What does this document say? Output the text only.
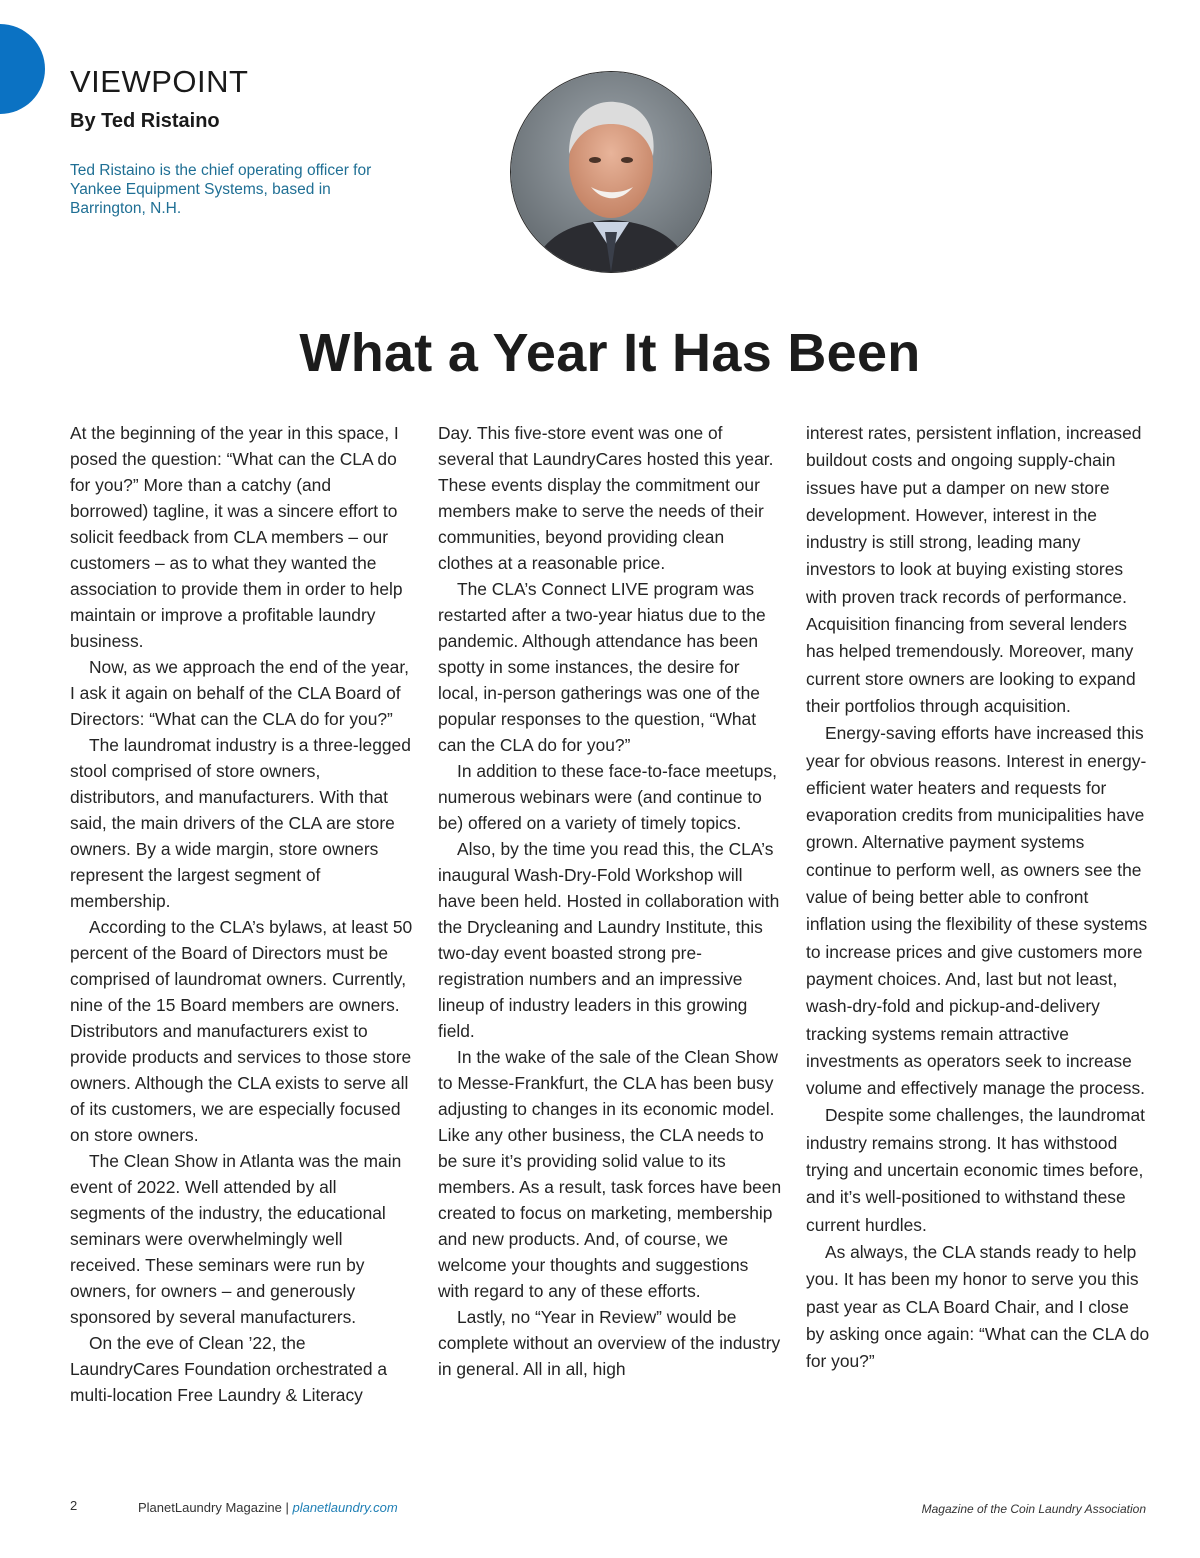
VIEWPOINT
By Ted Ristaino
Ted Ristaino is the chief operating officer for Yankee Equipment Systems, based in Barrington, N.H.
What a Year It Has Been

At the beginning of the year in this space, I posed the question: “What can the CLA do for you?” More than a catchy (and borrowed) tagline, it was a sincere effort to solicit feedback from CLA members – our customers – as to what they wanted the association to provide them in order to help maintain or improve a profitable laundry business.

Now, as we approach the end of the year, I ask it again on behalf of the CLA Board of Directors: “What can the CLA do for you?”

The laundromat industry is a three-legged stool comprised of store owners, distributors, and manufacturers. With that said, the main drivers of the CLA are store owners. By a wide margin, store owners represent the largest segment of membership.

According to the CLA’s bylaws, at least 50 percent of the Board of Directors must be comprised of laundromat owners. Currently, nine of the 15 Board members are owners. Distributors and manufacturers exist to provide products and services to those store owners. Although the CLA exists to serve all of its customers, we are especially focused on store owners.

The Clean Show in Atlanta was the main event of 2022. Well attended by all segments of the industry, the educational seminars were overwhelmingly well received. These seminars were run by owners, for owners – and generously sponsored by several manufacturers.

On the eve of Clean ’22, the LaundryCares Foundation orchestrated a multi-location Free Laundry & Literacy

Day. This five-store event was one of several that LaundryCares hosted this year. These events display the commitment our members make to serve the needs of their communities, beyond providing clean clothes at a reasonable price.

The CLA’s Connect LIVE program was restarted after a two-year hiatus due to the pandemic. Although attendance has been spotty in some instances, the desire for local, in-person gatherings was one of the popular responses to the question, “What can the CLA do for you?”

In addition to these face-to-face meetups, numerous webinars were (and continue to be) offered on a variety of timely topics.

Also, by the time you read this, the CLA’s inaugural Wash-Dry-Fold Workshop will have been held. Hosted in collaboration with the Drycleaning and Laundry Institute, this two-day event boasted strong pre-registration numbers and an impressive lineup of industry leaders in this growing field.

In the wake of the sale of the Clean Show to Messe-Frankfurt, the CLA has been busy adjusting to changes in its economic model. Like any other business, the CLA needs to be sure it’s providing solid value to its members. As a result, task forces have been created to focus on marketing, membership and new products. And, of course, we welcome your thoughts and suggestions with regard to any of these efforts.

Lastly, no “Year in Review” would be complete without an overview of the industry in general. All in all, high

interest rates, persistent inflation, increased buildout costs and ongoing supply-chain issues have put a damper on new store development. However, interest in the industry is still strong, leading many investors to look at buying existing stores with proven track records of performance. Acquisition financing from several lenders has helped tremendously. Moreover, many current store owners are looking to expand their portfolios through acquisition.

Energy-saving efforts have increased this year for obvious reasons. Interest in energy-efficient water heaters and requests for evaporation credits from municipalities have grown. Alternative payment systems continue to perform well, as owners see the value of being better able to confront inflation using the flexibility of these systems to increase prices and give customers more payment choices. And, last but not least, wash-dry-fold and pickup-and-delivery tracking systems remain attractive investments as operators seek to increase volume and effectively manage the process.

Despite some challenges, the laundromat industry remains strong. It has withstood trying and uncertain economic times before, and it’s well-positioned to withstand these current hurdles.

As always, the CLA stands ready to help you. It has been my honor to serve you this past year as CLA Board Chair, and I close by asking once again: “What can the CLA do for you?”

2	PlanetLaundry Magazine | planetlaundry.com	Magazine of the Coin Laundry Association
